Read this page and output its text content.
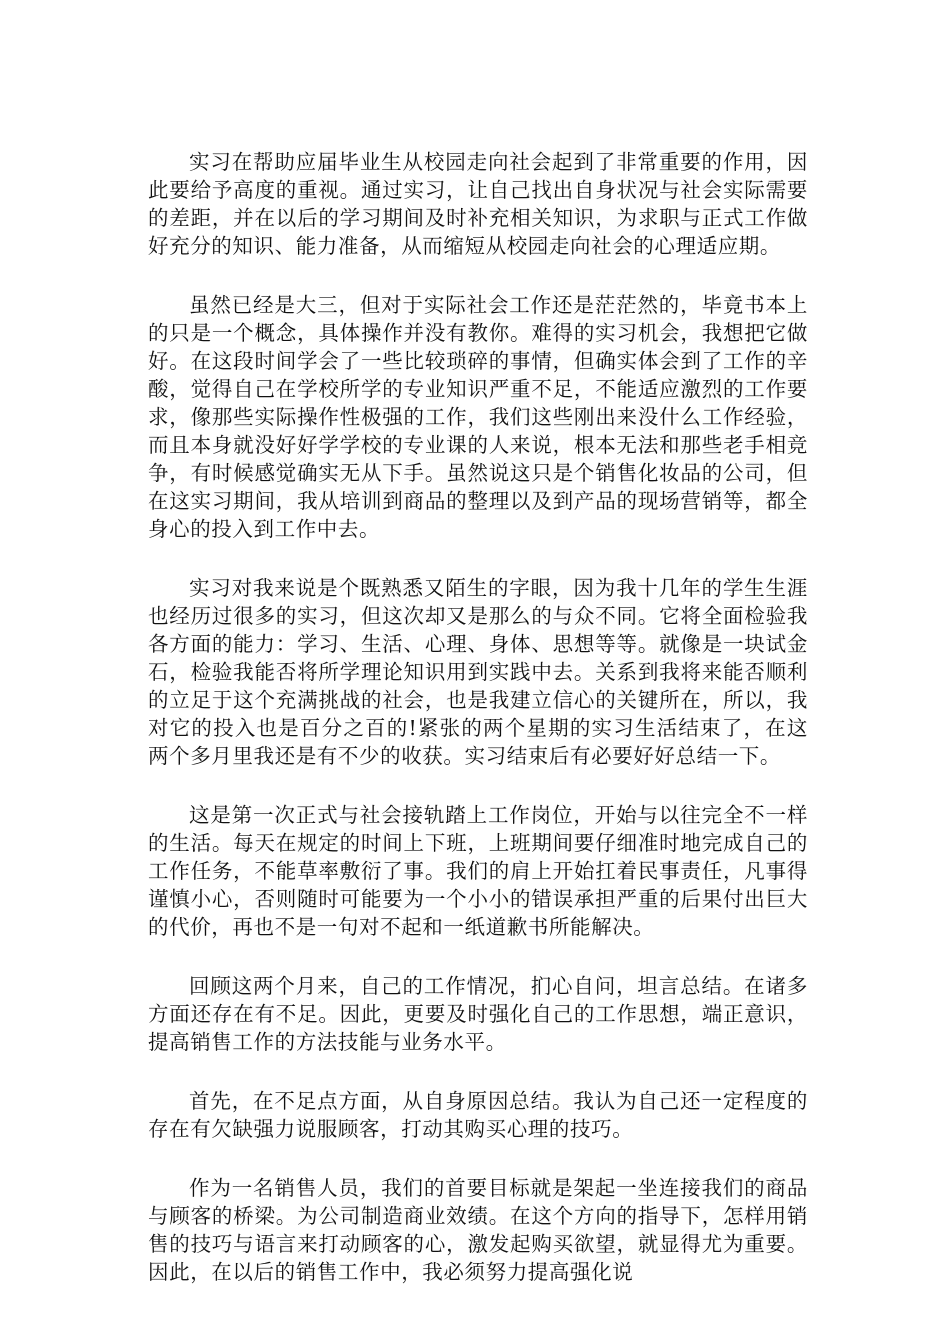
实习在帮助应届毕业生从校园走向社会起到了非常重要的作用，因此要给予高度的重视。通过实习，让自己找出自身状况与社会实际需要的差距，并在以后的学习期间及时补充相关知识，为求职与正式工作做好充分的知识、能力准备，从而缩短从校园走向社会的心理适应期。

虽然已经是大三，但对于实际社会工作还是茫茫然的，毕竟书本上的只是一个概念，具体操作并没有教你。难得的实习机会，我想把它做好。在这段时间学会了一些比较琐碎的事情，但确实体会到了工作的辛酸，觉得自己在学校所学的专业知识严重不足，不能适应激烈的工作要求，像那些实际操作性极强的工作，我们这些刚出来没什么工作经验，而且本身就没好好学学校的专业课的人来说，根本无法和那些老手相竞争，有时候感觉确实无从下手。虽然说这只是个销售化妆品的公司，但在这实习期间，我从培训到商品的整理以及到产品的现场营销等，都全身心的投入到工作中去。

实习对我来说是个既熟悉又陌生的字眼，因为我十几年的学生生涯也经历过很多的实习，但这次却又是那么的与众不同。它将全面检验我各方面的能力：学习、生活、心理、身体、思想等等。就像是一块试金石，检验我能否将所学理论知识用到实践中去。关系到我将来能否顺利的立足于这个充满挑战的社会，也是我建立信心的关键所在，所以，我对它的投入也是百分之百的!紧张的两个星期的实习生活结束了，在这两个多月里我还是有不少的收获。实习结束后有必要好好总结一下。

这是第一次正式与社会接轨踏上工作岗位，开始与以往完全不一样的生活。每天在规定的时间上下班，上班期间要仔细准时地完成自己的工作任务，不能草率敷衍了事。我们的肩上开始扛着民事责任，凡事得谨慎小心，否则随时可能要为一个小小的错误承担严重的后果付出巨大的代价，再也不是一句对不起和一纸道歉书所能解决。

回顾这两个月来，自己的工作情况，扪心自问，坦言总结。在诸多方面还存在有不足。因此，更要及时强化自己的工作思想，端正意识，提高销售工作的方法技能与业务水平。

首先，在不足点方面，从自身原因总结。我认为自己还一定程度的存在有欠缺强力说服顾客，打动其购买心理的技巧。

作为一名销售人员，我们的首要目标就是架起一坐连接我们的商品与顾客的桥梁。为公司制造商业效绩。在这个方向的指导下，怎样用销售的技巧与语言来打动顾客的心，激发起购买欲望，就显得尤为重要。因此，在以后的销售工作中，我必须努力提高强化说
